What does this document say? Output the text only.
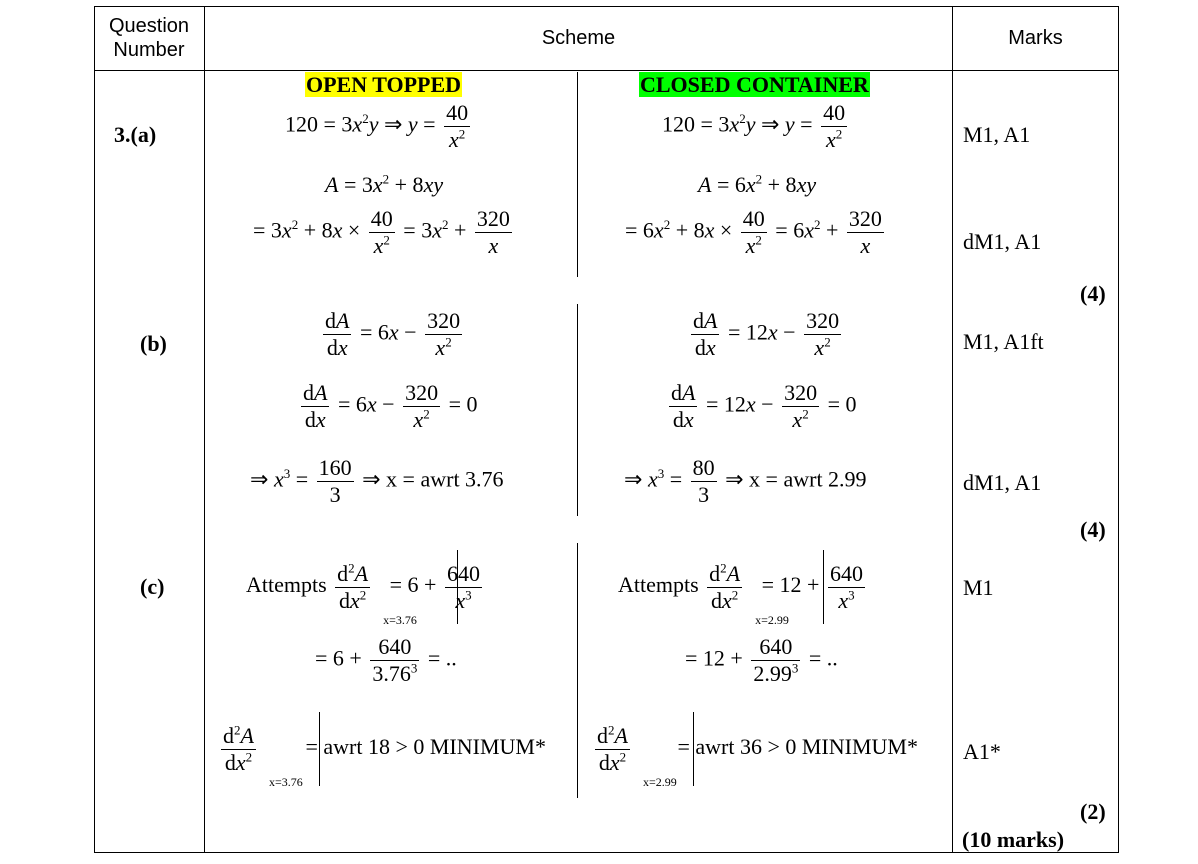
Question Number
Scheme	Marks
OPEN TOPPED	CLOSED CONTAINER
3.(a)
(b)
(c)
$120 = 3x^2y$ ⇒ $y = \frac{40}{x^2}$
$A = 3x^2 + 8xy$
= $3x^2 + 8x \times \frac{40}{x^2} = 3x^2 + \frac{320}{x}$
$120 = 3x^2y$ ⇒ $y = \frac{40}{x^2}$
$A = 6x^2 + 8xy$
= $6x^2 + 8x \times \frac{40}{x^2} = 6x^2 + \frac{320}{x}$
$\frac{dA}{dx} = 6x - \frac{320}{x^2}$
$\frac{dA}{dx} = 6x - \frac{320}{x^2} = 0$
⇒ $x^3 = \frac{160}{3}$ ⇒ x = awrt 3.76
$\frac{dA}{dx} = 12x - \frac{320}{x^2}$
$\frac{dA}{dx} = 12x - \frac{320}{x^2} = 0$
⇒ $x^3 = \frac{80}{3}$ ⇒ x = awrt 2.99
Attempts $\frac{d^2A}{dx^2}$
x=3.76
= $6 + \frac{640}{x^3}$
= $6 + \frac{640}{3.76^3}$ = ..
$\frac{d^2A}{dx^2}$
x=3.76
= awrt 18 > 0 MINIMUM*
Attempts $\frac{d^2A}{dx^2}$
x=2.99
= $12 + \frac{640}{x^3}$
= $12 + \frac{640}{2.99^3}$ = ..
$\frac{d^2A}{dx^2}$
x=2.99
= awrt 36 > 0 MINIMUM*
M1, A1
dM1, A1
(4)
M1, A1ft
dM1, A1
(4)
M1
A1*
(2)
(10 marks)
